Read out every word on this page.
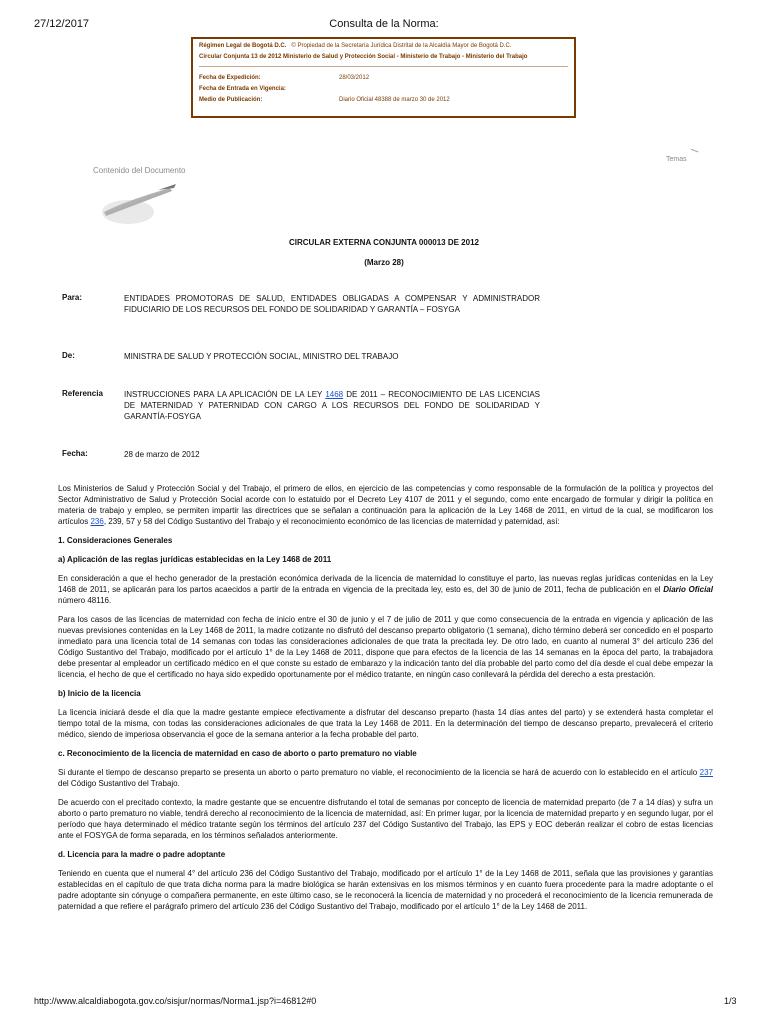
27/12/2017	Consulta de la Norma:
Régimen Legal de Bogotá D.C. © Propiedad de la Secretaría Jurídica Distrital de la Alcaldía Mayor de Bogotá D.C.
Circular Conjunta 13 de 2012 Ministerio de Salud y Protección Social - Ministerio de Trabajo - Ministerio del Trabajo
Fecha de Expedición:	28/03/2012
Fecha de Entrada en Vigencia:
Medio de Publicación:	Diario Oficial 48388 de marzo 30 de 2012
Temas
Contenido del Documento
CIRCULAR EXTERNA CONJUNTA 000013 DE 2012
(Marzo 28)
Para:	ENTIDADES PROMOTORAS DE SALUD, ENTIDADES OBLIGADAS A COMPENSAR Y ADMINISTRADOR FIDUCIARIO DE LOS RECURSOS DEL FONDO DE SOLIDARIDAD Y GARANTÍA – FOSYGA
De:	MINISTRA DE SALUD Y PROTECCIÓN SOCIAL, MINISTRO DEL TRABAJO
Referencia	INSTRUCCIONES PARA LA APLICACIÓN DE LA LEY 1468 DE 2011 – RECONOCIMIENTO DE LAS LICENCIAS DE MATERNIDAD Y PATERNIDAD CON CARGO A LOS RECURSOS DEL FONDO DE SOLIDARIDAD Y GARANTÍA-FOSYGA
Fecha:	28 de marzo de 2012

Los Ministerios de Salud y Protección Social y del Trabajo, el primero de ellos, en ejercicio de las competencias y como responsable de la formulación de la política y proyectos del Sector Administrativo de Salud y Protección Social acorde con lo estatuido por el Decreto Ley 4107 de 2011 y el segundo, como ente encargado de formular y dirigir la política en materia de trabajo y empleo, se permiten impartir las directrices que se señalan a continuación para la aplicación de la Ley 1468 de 2011, en virtud de la cual, se modificaron los artículos 236, 239, 57 y 58 del Código Sustantivo del Trabajo y el reconocimiento económico de las licencias de maternidad y paternidad, así:

1. Consideraciones Generales
a) Aplicación de las reglas jurídicas establecidas en la Ley 1468 de 2011

En consideración a que el hecho generador de la prestación económica derivada de la licencia de maternidad lo constituye el parto, las nuevas reglas jurídicas contenidas en la Ley 1468 de 2011, se aplicarán para los partos acaecidos a partir de la entrada en vigencia de la precitada ley, esto es, del 30 de junio de 2011, fecha de publicación en el Diario Oficial número 48116.

Para los casos de las licencias de maternidad con fecha de inicio entre el 30 de junio y el 7 de julio de 2011 y que como consecuencia de la entrada en vigencia y aplicación de las nuevas previsiones contenidas en la Ley 1468 de 2011, la madre cotizante no disfrutó del descanso preparto obligatorio (1 semana), dicho término deberá ser concedido en el posparto inmediato para una licencia total de 14 semanas con todas las consideraciones adicionales de que trata la precitada ley. De otro lado, en cuanto al numeral 3° del artículo 236 del Código Sustantivo del Trabajo, modificado por el artículo 1° de la Ley 1468 de 2011, dispone que para efectos de la licencia de las 14 semanas en la época del parto, la trabajadora debe presentar al empleador un certificado médico en el que conste su estado de embarazo y la indicación tanto del día probable del parto como del día desde el cual debe empezar la licencia, el hecho de que el certificado no haya sido expedido oportunamente por el médico tratante, en ningún caso conllevará la pérdida del derecho a esta prestación.

b) Inicio de la licencia

La licencia iniciará desde el día que la madre gestante empiece efectivamente a disfrutar del descanso preparto (hasta 14 días antes del parto) y se extenderá hasta completar el tiempo total de la misma, con todas las consideraciones adicionales de que trata la Ley 1468 de 2011. En la determinación del tiempo de descanso preparto, prevalecerá el criterio médico, siendo de imperiosa observancia el goce de la semana anterior a la fecha probable del parto.

c. Reconocimiento de la licencia de maternidad en caso de aborto o parto prematuro no viable

Si durante el tiempo de descanso preparto se presenta un aborto o parto prematuro no viable, el reconocimiento de la licencia se hará de acuerdo con lo establecido en el artículo 237 del Código Sustantivo del Trabajo.

De acuerdo con el precitado contexto, la madre gestante que se encuentre disfrutando el total de semanas por concepto de licencia de maternidad preparto (de 7 a 14 días) y sufra un aborto o parto prematuro no viable, tendrá derecho al reconocimiento de la licencia de maternidad, así: En primer lugar, por la licencia de maternidad preparto y en segundo lugar, por el período que haya determinado el médico tratante según los términos del artículo 237 del Código Sustantivo del Trabajo, las EPS y EOC deberán realizar el cobro de estas licencias ante el FOSYGA de forma separada, en los términos señalados anteriormente.

d. Licencia para la madre o padre adoptante

Teniendo en cuenta que el numeral 4° del artículo 236 del Código Sustantivo del Trabajo, modificado por el artículo 1° de la Ley 1468 de 2011, señala que las provisiones y garantías establecidas en el capítulo de que trata dicha norma para la madre biológica se harán extensivas en los mismos términos y en cuanto fuera procedente para la madre adoptante o el padre adoptante sin cónyuge o compañera permanente, en este último caso, se le reconocerá la licencia de maternidad y no procederá el reconocimiento de la licencia remunerada de paternidad a que refiere el parágrafo primero del artículo 236 del Código Sustantivo del Trabajo, modificado por el artículo 1° de la Ley 1468 de 2011.

http://www.alcaldiabogota.gov.co/sisjur/normas/Norma1.jsp?i=46812#0	1/3
